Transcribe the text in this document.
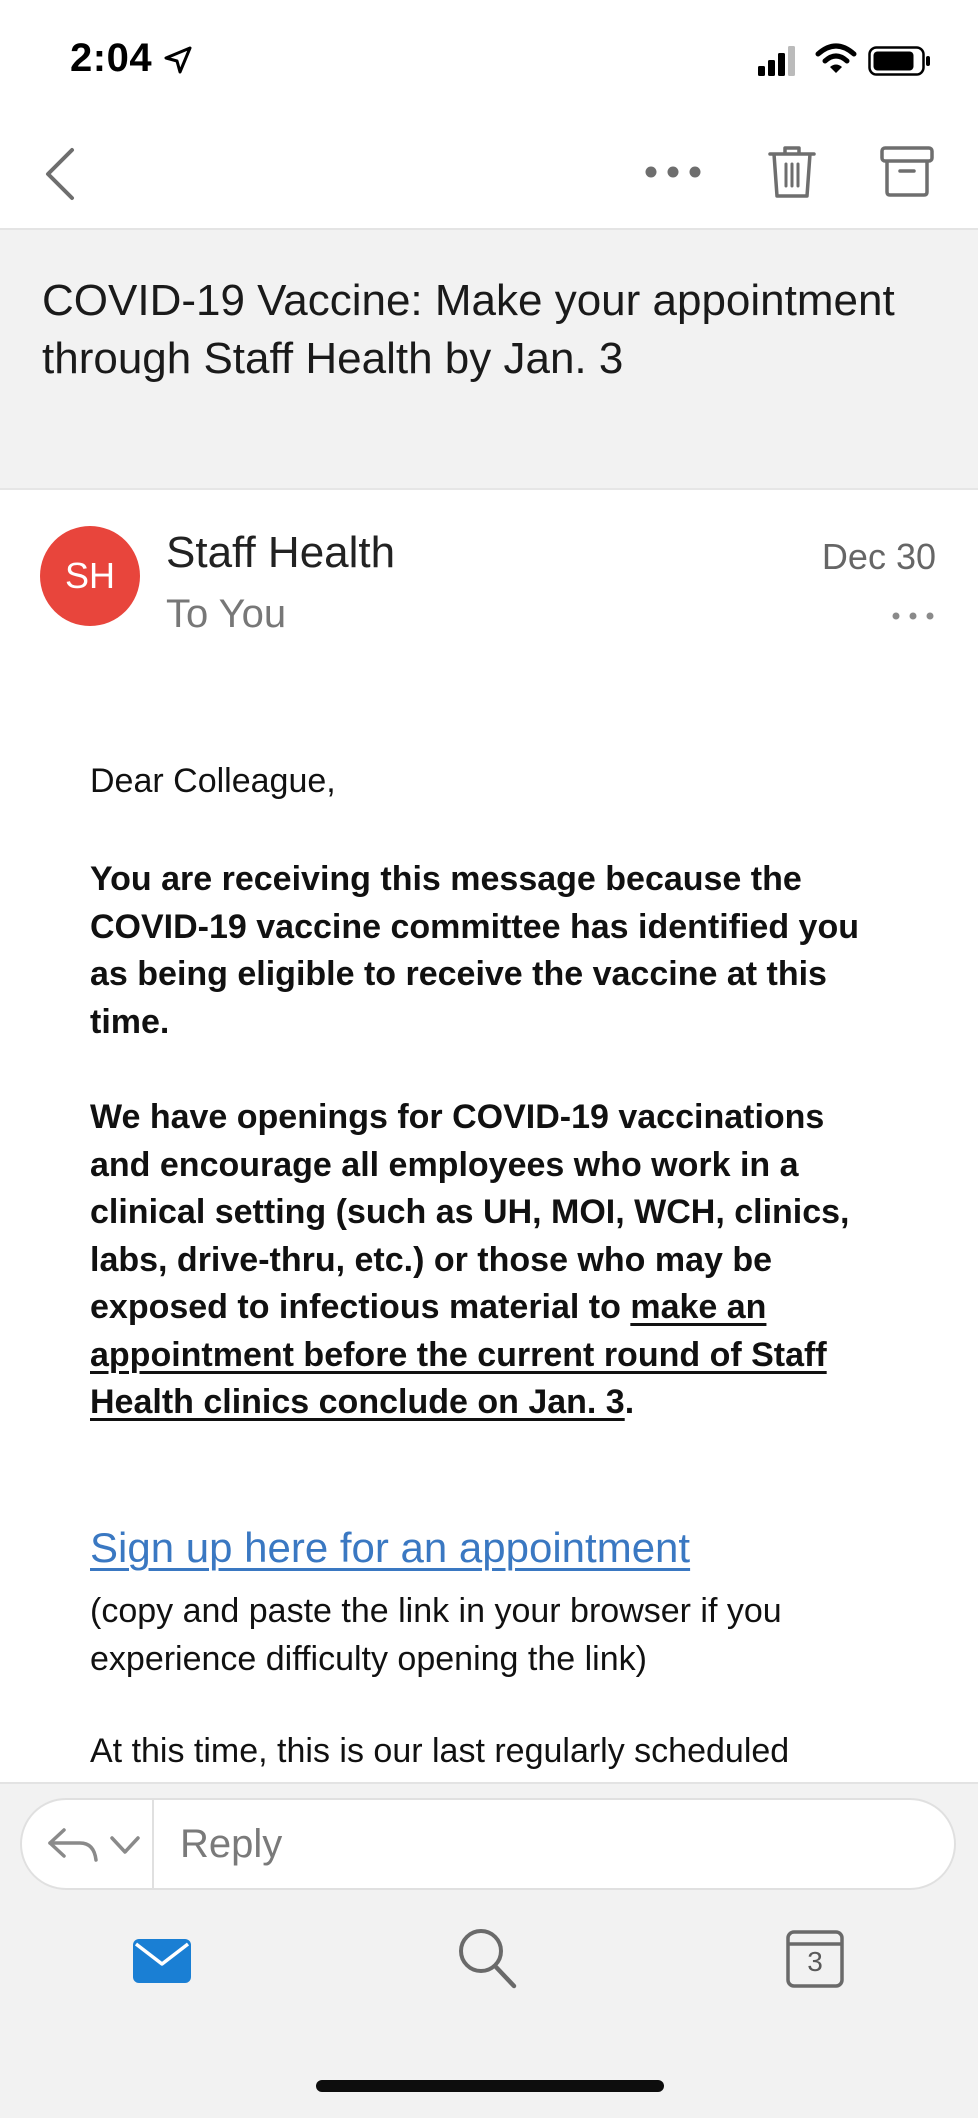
2:04
COVID-19 Vaccine: Make your appointment through Staff Health by Jan. 3
SH	Staff Health
To You
Dec 30
Dear Colleague,
You are receiving this message because the COVID-19 vaccine committee has identified you as being eligible to receive the vaccine at this time.
We have openings for COVID-19 vaccinations and encourage all employees who work in a clinical setting (such as UH, MOI, WCH, clinics, labs, drive-thru, etc.) or those who may be exposed to infectious material to make an appointment before the current round of Staff Health clinics conclude on Jan. 3.
Sign up here for an appointment
(copy and paste the link in your browser if you experience difficulty opening the link)
At this time, this is our last regularly scheduled
Reply
3
